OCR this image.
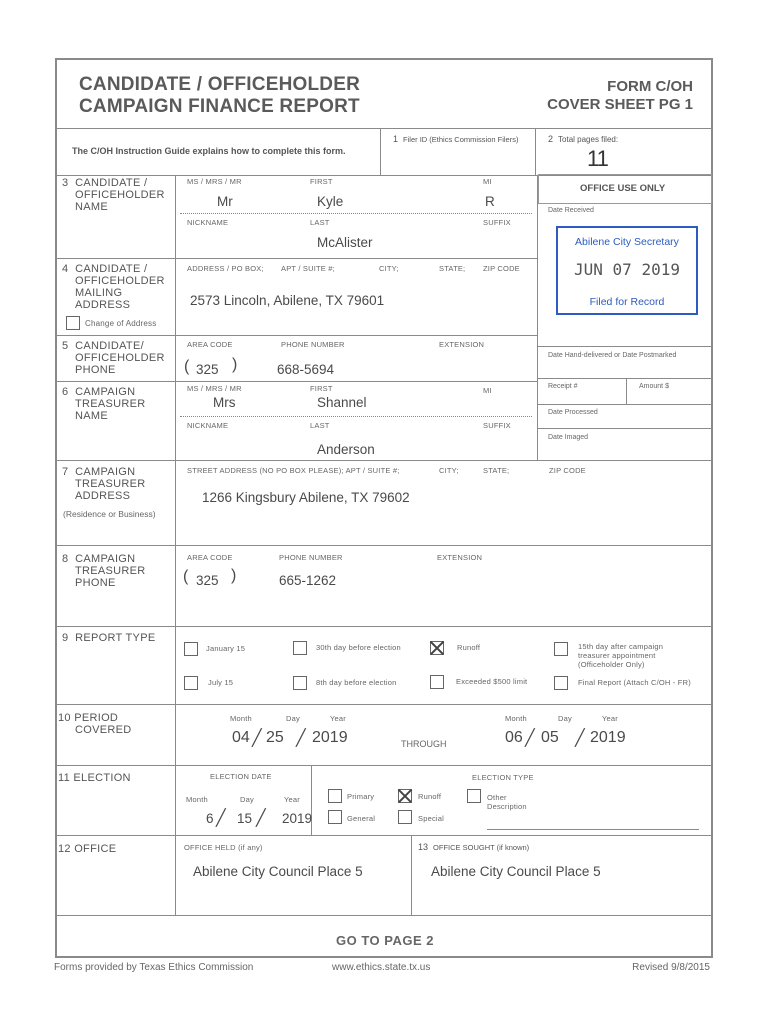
CANDIDATE / OFFICEHOLDER
CAMPAIGN FINANCE REPORT
FORM C/OH
COVER SHEET PG 1
The C/OH Instruction Guide explains how to complete this form.
1 Filer ID (Ethics Commission Filers)	2 Total pages filed:
11
OFFICE USE ONLY
Date Received
Abilene City Secretary
JUN 07 2019
Filed for Record
Date Hand-delivered or Date Postmarked
Receipt #	Amount $
Date Processed
Date Imaged
3 CANDIDATE /
OFFICEHOLDER
NAME
MS / MRS / MR	FIRST	MI
Mr	Kyle	R
NICKNAME	LAST	SUFFIX
McAlister
4 CANDIDATE /
OFFICEHOLDER
MAILING
ADDRESS
ADDRESS / PO BOX; APT / SUITE #;	CITY;	STATE; ZIP CODE
2573 Lincoln, Abilene, TX 79601
Change of Address
5 CANDIDATE/
OFFICEHOLDER
PHONE
AREA CODE	PHONE NUMBER	EXTENSION
( 325 )	668-5694
6 CAMPAIGN
TREASURER
NAME
MS / MRS / MR	FIRST	MI
Mrs	Shannel
NICKNAME	LAST	SUFFIX
Anderson
7 CAMPAIGN
TREASURER
ADDRESS
(Residence or Business)
STREET ADDRESS (NO PO BOX PLEASE); APT / SUITE #;	CITY;	STATE;	ZIP CODE
1266 Kingsbury Abilene, TX 79602
8 CAMPAIGN
TREASURER
PHONE
AREA CODE	PHONE NUMBER	EXTENSION
( 325 )	665-1262
9 REPORT TYPE
January 15	30th day before election	Runoff	15th day after campaign
treasurer appointment
(Officeholder Only)
July 15	8th day before election	Exceeded $500 limit	Final Report (Attach C/OH - FR)
10 PERIOD
COVERED
Month	Day	Year
04 ╱ 25 ╱ 2019	THROUGH
Month	Day	Year
06 ╱ 05 ╱ 2019
11 ELECTION	ELECTION DATE
Month	Day	Year
6 ╱ 15 ╱ 2019
ELECTION TYPE
Primary	Runoff	Other
Description
General	Special
12 OFFICE	OFFICE HELD (if any)	13 OFFICE SOUGHT (if known)
Abilene City Council Place 5	Abilene City Council Place 5
GO TO PAGE 2
Forms provided by Texas Ethics Commission	www.ethics.state.tx.us	Revised 9/8/2015
